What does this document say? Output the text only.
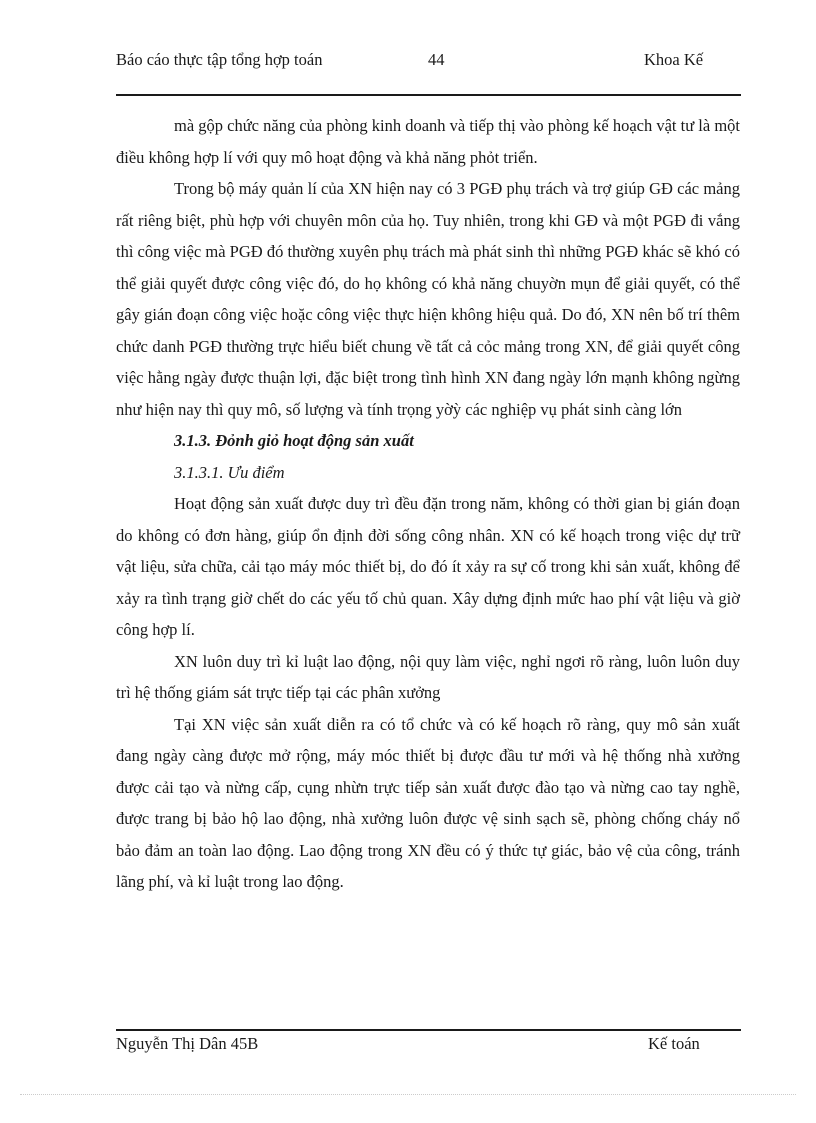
Báo cáo thực tập tổng hợp toán	44	Khoa Kế

mà gộp chức năng của phòng kinh doanh và tiếp thị vào phòng kế hoạch vật tư là một điều không hợp lí với quy mô hoạt động và khả năng phỏt triển.

Trong bộ máy quản lí của XN hiện nay có 3 PGĐ phụ trách và trợ giúp GĐ các mảng rất riêng biệt, phù hợp với chuyên môn của họ. Tuy nhiên, trong khi GĐ và một PGĐ đi vắng thì công việc mà PGĐ đó thường xuyên phụ trách mà phát sinh thì những PGĐ khác sẽ khó có thể giải quyết được công việc đó, do họ không có khả năng chuyờn mụn để giải quyết, có thể gây gián đoạn công việc hoặc công việc thực hiện không hiệu quả. Do đó, XN nên bố trí thêm chức danh PGĐ thường trực hiểu biết chung về tất cả cỏc mảng trong XN, để giải quyết công việc hằng ngày được thuận lợi, đặc biệt trong tình hình XN đang ngày lớn mạnh không ngừng như hiện nay thì quy mô, số lượng và tính trọng yờỳ các nghiệp vụ phát sinh càng lớn

3.1.3. Đỏnh giỏ hoạt động sản xuất

3.1.3.1. Ưu điểm

Hoạt động sản xuất được duy trì đều đặn trong năm, không có thời gian bị gián đoạn do không có đơn hàng, giúp ổn định đời sống công nhân. XN có kế hoạch trong việc dự trữ vật liệu, sửa chữa, cải tạo máy móc thiết bị, do đó ít xảy ra sự cố trong khi sản xuất, không để xảy ra tình trạng giờ chết do các yếu tố chủ quan. Xây dựng định mức hao phí vật liệu và giờ công hợp lí.

XN luôn duy trì kỉ luật lao động, nội quy làm việc, nghỉ ngơi rõ ràng, luôn luôn duy trì hệ thống giám sát trực tiếp tại các phân xưởng

Tại XN việc sản xuất diễn ra có tổ chức và có kế hoạch rõ ràng, quy mô sản xuất đang ngày càng được mở rộng, máy móc thiết bị được đầu tư mới và hệ thống nhà xưởng được cải tạo và nừng cấp, cụng nhừn trực tiếp sản xuất được đào tạo và nừng cao tay nghề, được trang bị bảo hộ lao động, nhà xưởng luôn được vệ sinh sạch sẽ, phòng chống cháy nổ bảo đảm an toàn lao động. Lao động trong XN đều có ý thức tự giác, bảo vệ của công, tránh lãng phí, và kỉ luật trong lao động.

Nguyễn Thị Dân 45B	Kế toán
